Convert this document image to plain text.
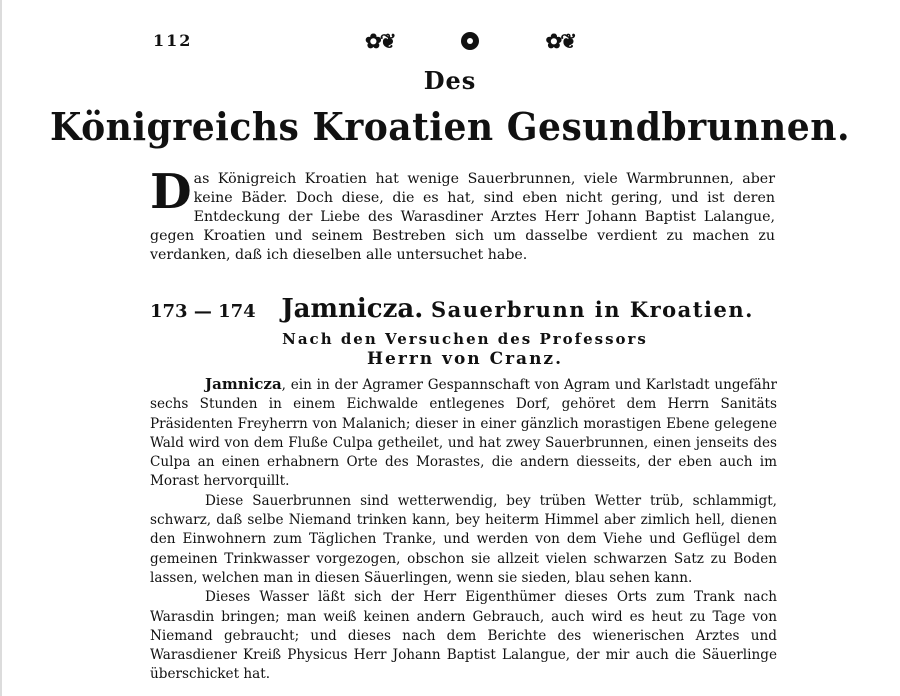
112	✿❦	✿❦
Des
Königreichs Kroatien Gesundbrunnen.
D as Königreich Kroatien hat wenige Sauerbrunnen, viele Warmbrunnen, aber keine Bäder. Doch diese, die es hat, sind eben nicht gering, und ist deren Entdeckung der Liebe des Warasdiner Arztes Herr Johann Baptist Lalangue, gegen Kroatien und seinem Bestreben sich um dasselbe verdient zu machen zu verdanken, daß ich dieselben alle untersuchet habe.

173 — 174 Jamnicza. Sauerbrunn in Kroatien.
Nach den Versuchen des Professors
Herrn von Cranz.

Jamnicza, ein in der Agramer Gespannschaft von Agram und Karlstadt ungefähr sechs Stunden in einem Eichwalde entlegenes Dorf, gehöret dem Herrn Sanitäts Präsidenten Freyherrn von Malanich; dieser in einer gänzlich morastigen Ebene gelegene Wald wird von dem Fluße Culpa getheilet, und hat zwey Sauerbrunnen, einen jenseits des Culpa an einen erhabnern Orte des Morastes, die andern diesseits, der eben auch im Morast hervorquillt.

Diese Sauerbrunnen sind wetterwendig, bey trüben Wetter trüb, schlammigt, schwarz, daß selbe Niemand trinken kann, bey heiterm Himmel aber zimlich hell, dienen den Einwohnern zum Täglichen Tranke, und werden von dem Viehe und Geflügel dem gemeinen Trinkwasser vorgezogen, obschon sie allzeit vielen schwarzen Satz zu Boden lassen, welchen man in diesen Säuerlingen, wenn sie sieden, blau sehen kann.

Dieses Wasser läßt sich der Herr Eigenthümer dieses Orts zum Trank nach Warasdin bringen; man weiß keinen andern Gebrauch, auch wird es heut zu Tage von Niemand gebraucht; und dieses nach dem Berichte des wienerischen Arztes und Warasdiener Kreiß Physicus Herr Johann Baptist Lalangue, der mir auch die Säuerlinge überschicket hat.
